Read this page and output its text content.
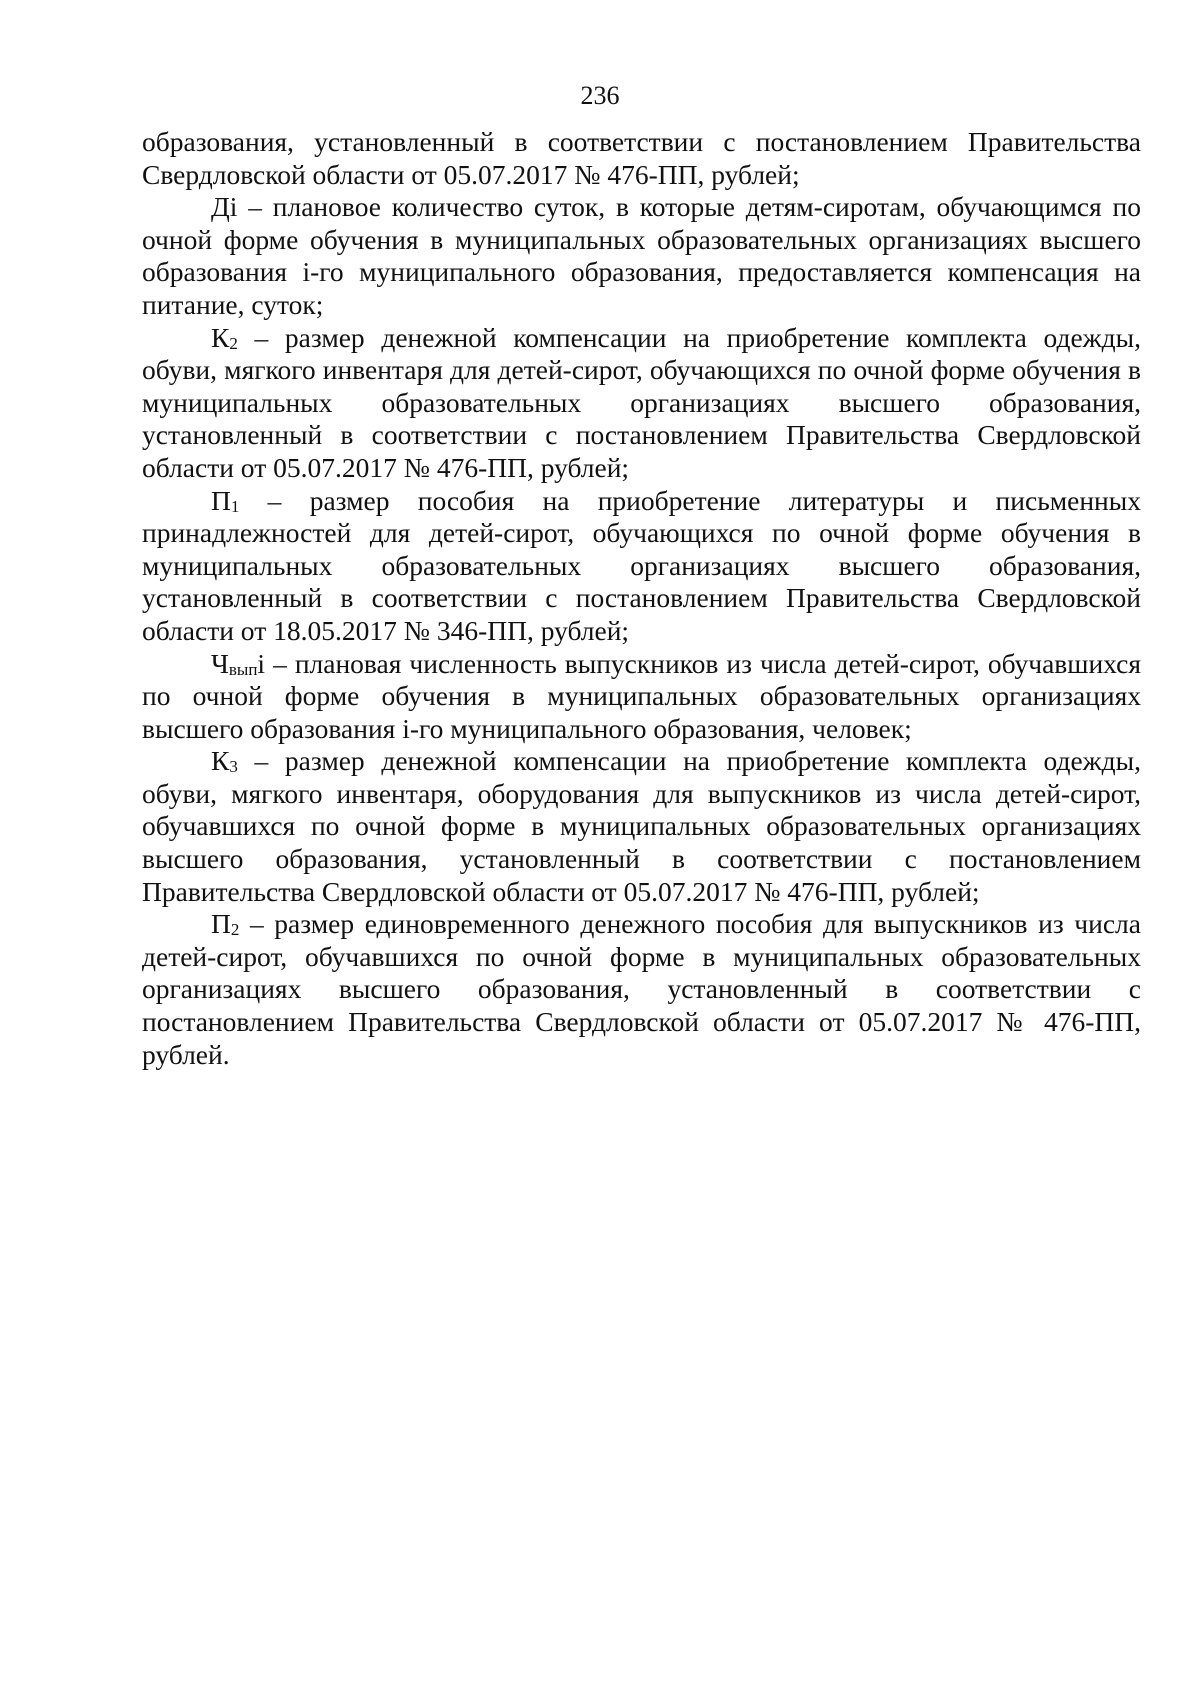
236

образования, установленный в соответствии с постановлением Правительства Свердловской области от 05.07.2017 № 476-ПП, рублей;

Дi – плановое количество суток, в которые детям-сиротам, обучающимся по очной форме обучения в муниципальных образовательных организациях высшего образования i-го муниципального образования, предоставляется компенсация на питание, суток;

К2 – размер денежной компенсации на приобретение комплекта одежды, обуви, мягкого инвентаря для детей-сирот, обучающихся по очной форме обучения в муниципальных образовательных организациях высшего образования, установленный в соответствии с постановлением Правительства Свердловской области от 05.07.2017 № 476-ПП, рублей;

П1 – размер пособия на приобретение литературы и письменных принадлежностей для детей-сирот, обучающихся по очной форме обучения в муниципальных образовательных организациях высшего образования, установленный в соответствии с постановлением Правительства Свердловской области от 18.05.2017 № 346-ПП, рублей;

Чвыпi – плановая численность выпускников из числа детей-сирот, обучавшихся по очной форме обучения в муниципальных образовательных организациях высшего образования i-го муниципального образования, человек;

К3 – размер денежной компенсации на приобретение комплекта одежды, обуви, мягкого инвентаря, оборудования для выпускников из числа детей-сирот, обучавшихся по очной форме в муниципальных образовательных организациях высшего образования, установленный в соответствии с постановлением Правительства Свердловской области от 05.07.2017 № 476-ПП, рублей;

П2 – размер единовременного денежного пособия для выпускников из числа детей-сирот, обучавшихся по очной форме в муниципальных образовательных организациях высшего образования, установленный в соответствии с постановлением Правительства Свердловской области от 05.07.2017 № 476-ПП, рублей.
